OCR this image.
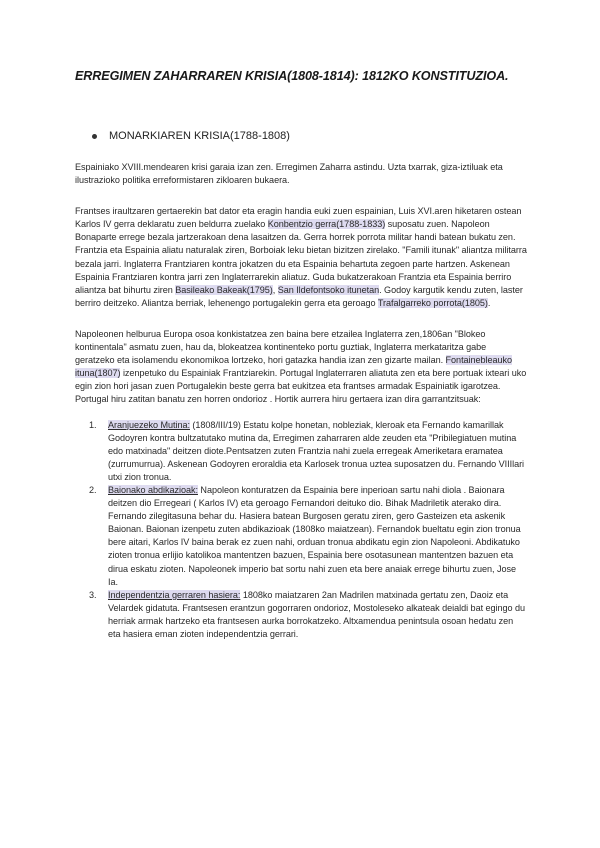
ERREGIMEN ZAHARRAREN KRISIA(1808-1814): 1812KO KONSTITUZIOA.
MONARKIAREN KRISIA(1788-1808)

Espainiako XVIII.mendearen krisi garaia izan zen. Erregimen Zaharra astindu. Uzta txarrak, giza-iztiluak eta ilustrazioko politika erreformistaren zikloaren bukaera.

Frantses iraultzaren gertaerekin bat dator eta eragin handia euki zuen espainian, Luis XVI.aren hiketaren ostean Karlos IV gerra deklaratu zuen beldurra zuelako Konbentzio gerra(1788-1833) suposatu zuen. Napoleon Bonaparte errege bezala jartzerakoan dena lasaitzen da. Gerra horrek porrota militar handi batean bukatu zen.
Frantzia eta Espainia aliatu naturalak ziren, Borboiak leku bietan bizitzen zirelako. "Famili itunak" aliantza militarra bezala jarri. Inglaterra Frantziaren kontra jokatzen du eta Espainia behartuta zegoen parte hartzen. Askenean Espainia Frantziaren kontra jarri zen Inglaterrarekin aliatuz. Guda bukatzerakoan Frantzia eta Espainia berriro aliantza bat bihurtu ziren Basileako Bakeak(1795), San Ildefontsoko itunetan. Godoy kargutik kendu zuten, laster berriro deitzeko. Aliantza berriak, lehenengo portugalekin gerra eta geroago Trafalgarreko porrota(1805).

Napoleonen helburua Europa osoa konkistatzea zen baina bere etzailea Inglaterra zen,1806an "Blokeo kontinentala" asmatu zuen, hau da, blokeatzea kontinenteko portu guztiak, Inglaterra merkataritza gabe geratzeko eta isolamendu ekonomikoa lortzeko, hori gatazka handia izan zen gizarte mailan. Fontainebleauko ituna(1807) izenpetuko du Espainiak Frantziarekin. Portugal Inglaterraren aliatuta zen eta bere portuak ixteari uko egin zion hori jasan zuen Portugalekin beste gerra bat eukitzea eta frantses armadak Espainiatik igarotzea. Portugal hiru zatitan banatu zen horren ondorioz . Hortik aurrera hiru gertaera izan dira garrantzitsuak:

1. Aranjuezeko Mutina: (1808/III/19) Estatu kolpe honetan, nobleziak, kleroak eta Fernando kamarillak Godoyren kontra bultzatutako mutina da, Erregimen zaharraren alde zeuden eta "Pribilegiatuen mutina edo matxinada" deitzen diote.Pentsatzen zuten Frantzia nahi zuela erregeak Ameriketara eramatea (zurrumurrua). Askenean Godoyren eroraldia eta Karlosek tronua uztea suposatzen du. Fernando VIIIlari utxi zion tronua.
2. Baionako abdikazioak: Napoleon konturatzen da Espainia bere inperioan sartu nahi diola . Baionara deitzen dio Erregeari ( Karlos IV) eta geroago Fernandori deituko dio. Bihak Madriletik aterako dira. Fernando zilegitasuna behar du. Hasiera batean Burgosen geratu ziren, gero Gasteizen eta askenik Baionan. Baionan izenpetu zuten abdikazioak (1808ko maiatzean). Fernandok bueltatu egin zion tronua bere aitari, Karlos IV baina berak ez zuen nahi, orduan tronua abdikatu egin zion Napoleoni. Abdikatuko zioten tronua erlijio katolikoa mantentzen bazuen, Espainia bere osotasunean mantentzen bazuen eta dirua eskatu zioten. Napoleonek imperio bat sortu nahi zuen eta bere anaiak errege bihurtu zuen, Jose Ia.
3. Independentzia gerraren hasiera: 1808ko maiatzaren 2an Madrilen matxinada gertatu zen, Daoiz eta Velardek gidatuta. Frantsesen erantzun gogorraren ondorioz, Mostoleseko alkateak deialdi bat egingo du herriak armak hartzeko eta frantsesen aurka borrokatzeko. Altxamendua penintsula osoan hedatu zen eta hasiera eman zioten independentzia gerrari.
